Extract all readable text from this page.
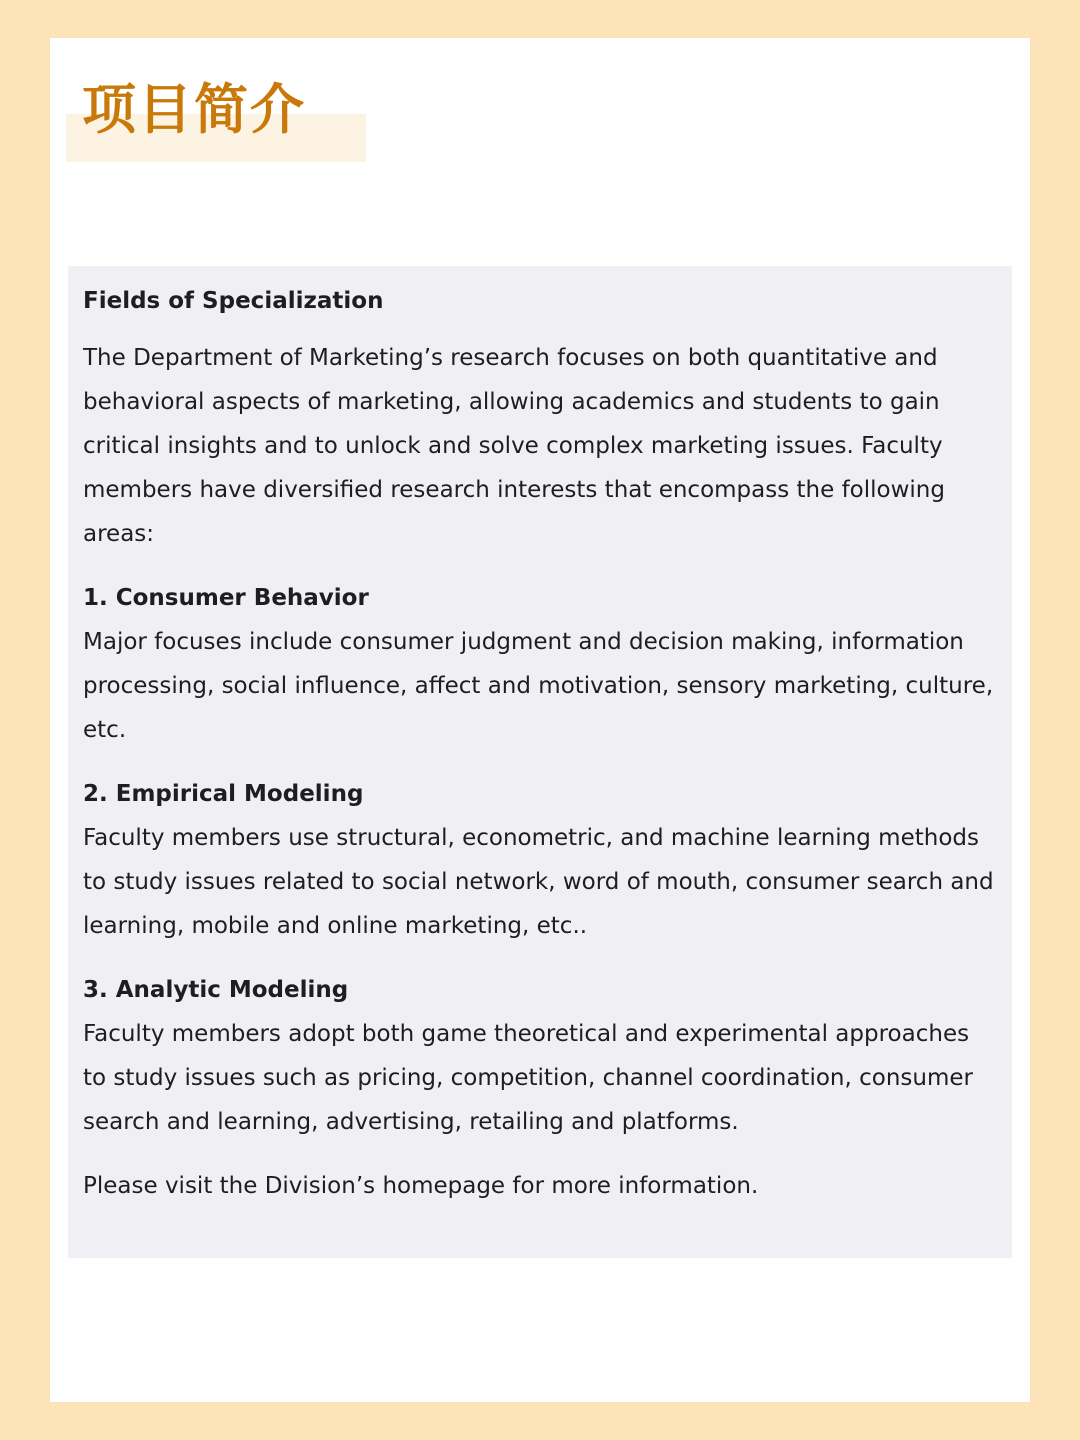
项目简介
Fields of Specialization

The Department of Marketing’s research focuses on both quantitative and behavioral aspects of marketing, allowing academics and students to gain critical insights and to unlock and solve complex marketing issues. Faculty members have diversified research interests that encompass the following areas:

1. Consumer Behavior

Major focuses include consumer judgment and decision making, information processing, social influence, affect and motivation, sensory marketing, culture, etc.

2. Empirical Modeling

Faculty members use structural, econometric, and machine learning methods to study issues related to social network, word of mouth, consumer search and learning, mobile and online marketing, etc..

3. Analytic Modeling

Faculty members adopt both game theoretical and experimental approaches to study issues such as pricing, competition, channel coordination, consumer search and learning, advertising, retailing and platforms.

Please visit the Division’s homepage for more information.
